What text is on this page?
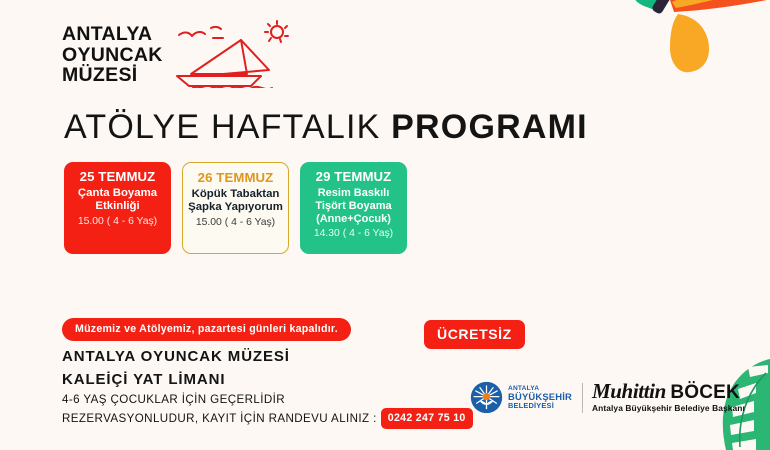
ANTALYA
OYUNCAK
MÜZESİ
ATÖLYE HAFTALIK PROGRAMI
25 TEMMUZ
Çanta Boyama
Etkinliği
15.00 ( 4 - 6 Yaş)
26 TEMMUZ
Köpük Tabaktan
Şapka Yapıyorum
15.00 ( 4 - 6 Yaş)
29 TEMMUZ
Resim Baskılı
Tişört Boyama
(Anne+Çocuk)
14.30 ( 4 - 6 Yaş)
Müzemiz ve Atölyemiz, pazartesi günleri kapalıdır.	ÜCRETSİZ
ANTALYA OYUNCAK MÜZESİ
KALEİÇİ YAT LİMANI
4-6 YAŞ ÇOCUKLAR İÇİN GEÇERLİDİR
REZERVASYONLUDUR, KAYIT İÇİN RANDEVU ALINIZ : 0242 247 75 10
ANTALYA
BÜYÜKŞEHİR
BELEDİYESİ
Muhittin BÖCEK
Antalya Büyükşehir Belediye Başkanı
